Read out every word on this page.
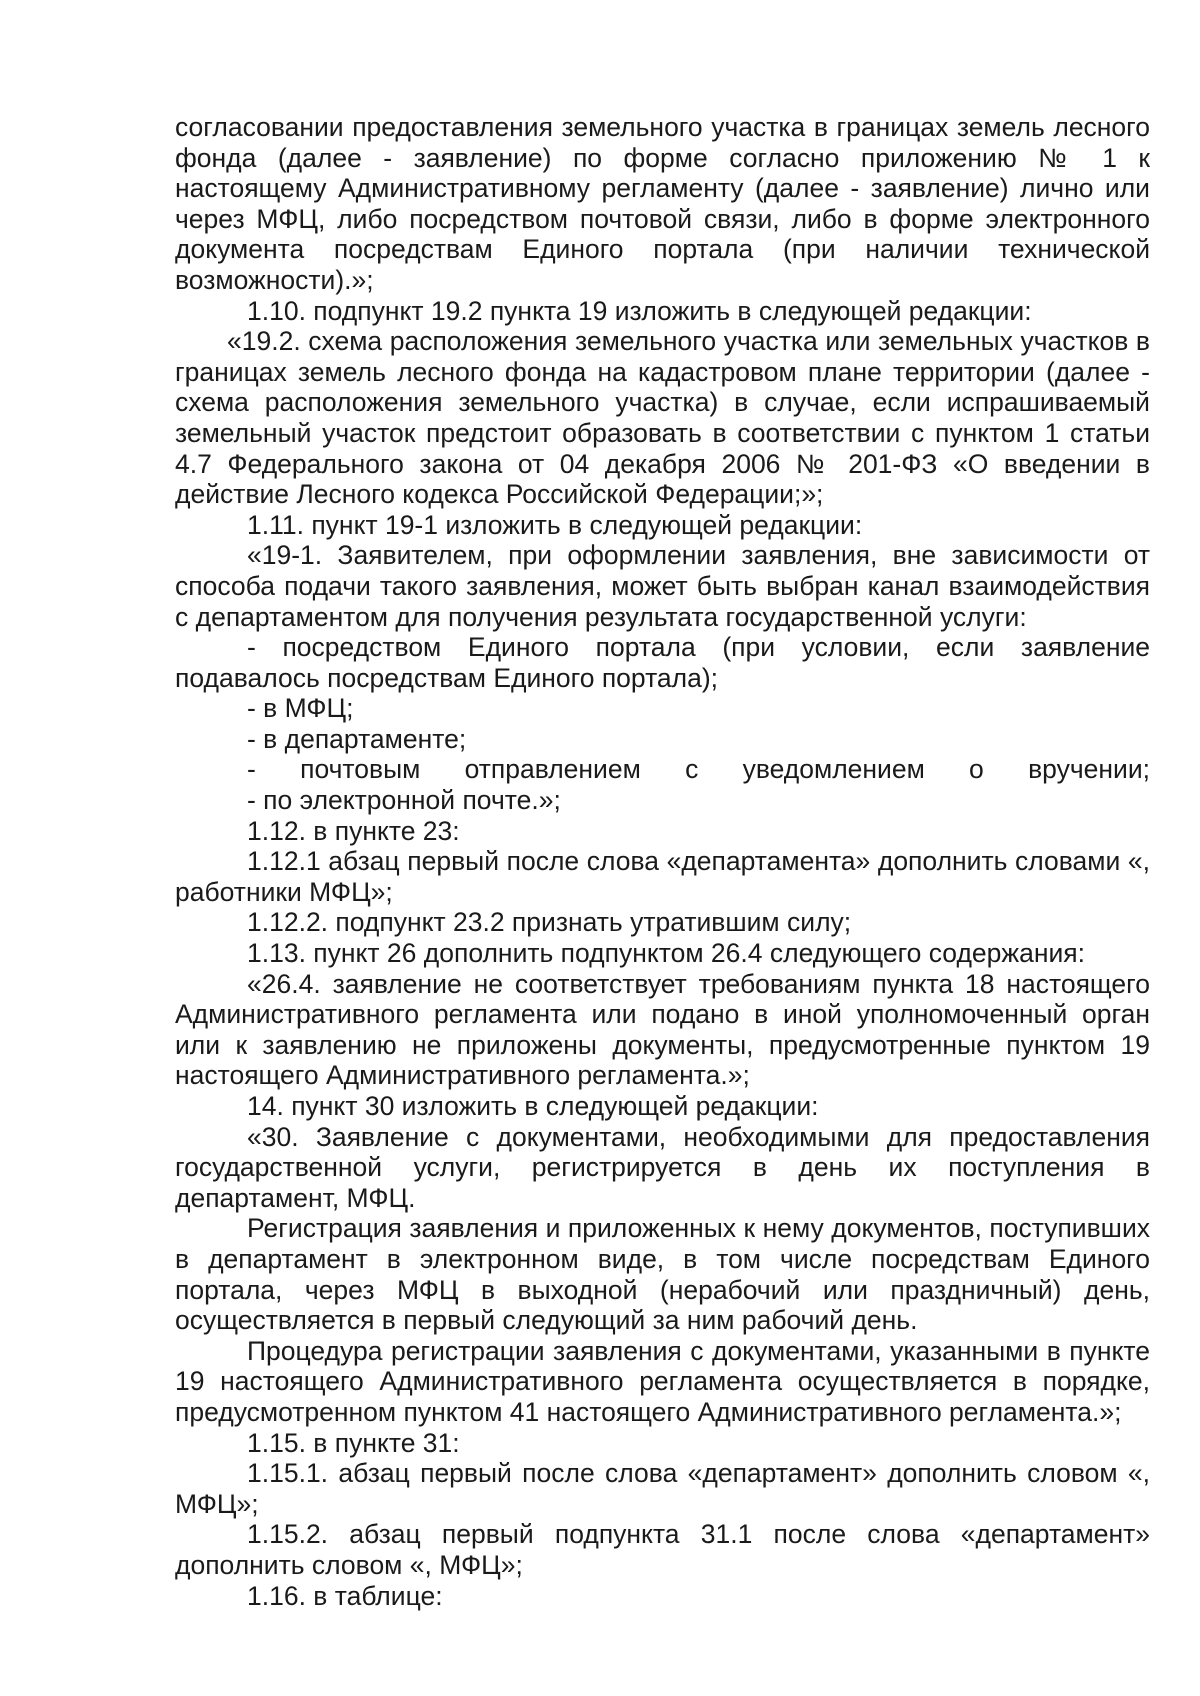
согласовании предоставления земельного участка в границах земель лесного фонда (далее - заявление) по форме согласно приложению № 1 к настоящему Административному регламенту (далее - заявление) лично или через МФЦ, либо посредством почтовой связи, либо в форме электронного документа посредствам Единого портала (при наличии технической возможности).»;

1.10. подпункт 19.2 пункта 19 изложить в следующей редакции:

«19.2. схема расположения земельного участка или земельных участков в границах земель лесного фонда на кадастровом плане территории (далее - схема расположения земельного участка) в случае, если испрашиваемый земельный участок предстоит образовать в соответствии с пунктом 1 статьи 4.7 Федерального закона от 04 декабря 2006 № 201-ФЗ «О введении в действие Лесного кодекса Российской Федерации;»;

1.11. пункт 19-1 изложить в следующей редакции:

«19-1. Заявителем, при оформлении заявления, вне зависимости от способа подачи такого заявления, может быть выбран канал взаимодействия с департаментом для получения результата государственной услуги:

- посредством Единого портала (при условии, если заявление подавалось посредствам Единого портала);

- в МФЦ;

- в департаменте;

- почтовым отправлением с уведомлением о вручении;

- по электронной почте.»;

1.12. в пункте 23:

1.12.1 абзац первый после слова «департамента» дополнить словами «, работники МФЦ»;

1.12.2. подпункт 23.2 признать утратившим силу;

1.13. пункт 26 дополнить подпунктом 26.4 следующего содержания:

«26.4. заявление не соответствует требованиям пункта 18 настоящего Административного регламента или подано в иной уполномоченный орган или к заявлению не приложены документы, предусмотренные пунктом 19 настоящего Административного регламента.»;

14. пункт 30 изложить в следующей редакции:

«30. Заявление с документами, необходимыми для предоставления государственной услуги, регистрируется в день их поступления в департамент, МФЦ.

Регистрация заявления и приложенных к нему документов, поступивших в департамент в электронном виде, в том числе посредствам Единого портала, через МФЦ в выходной (нерабочий или праздничный) день, осуществляется в первый следующий за ним рабочий день.

Процедура регистрации заявления с документами, указанными в пункте 19 настоящего Административного регламента осуществляется в порядке, предусмотренном пунктом 41 настоящего Административного регламента.»;

1.15. в пункте 31:

1.15.1. абзац первый после слова «департамент» дополнить словом «, МФЦ»;

1.15.2. абзац первый подпункта 31.1 после слова «департамент» дополнить словом «, МФЦ»;

1.16. в таблице:
